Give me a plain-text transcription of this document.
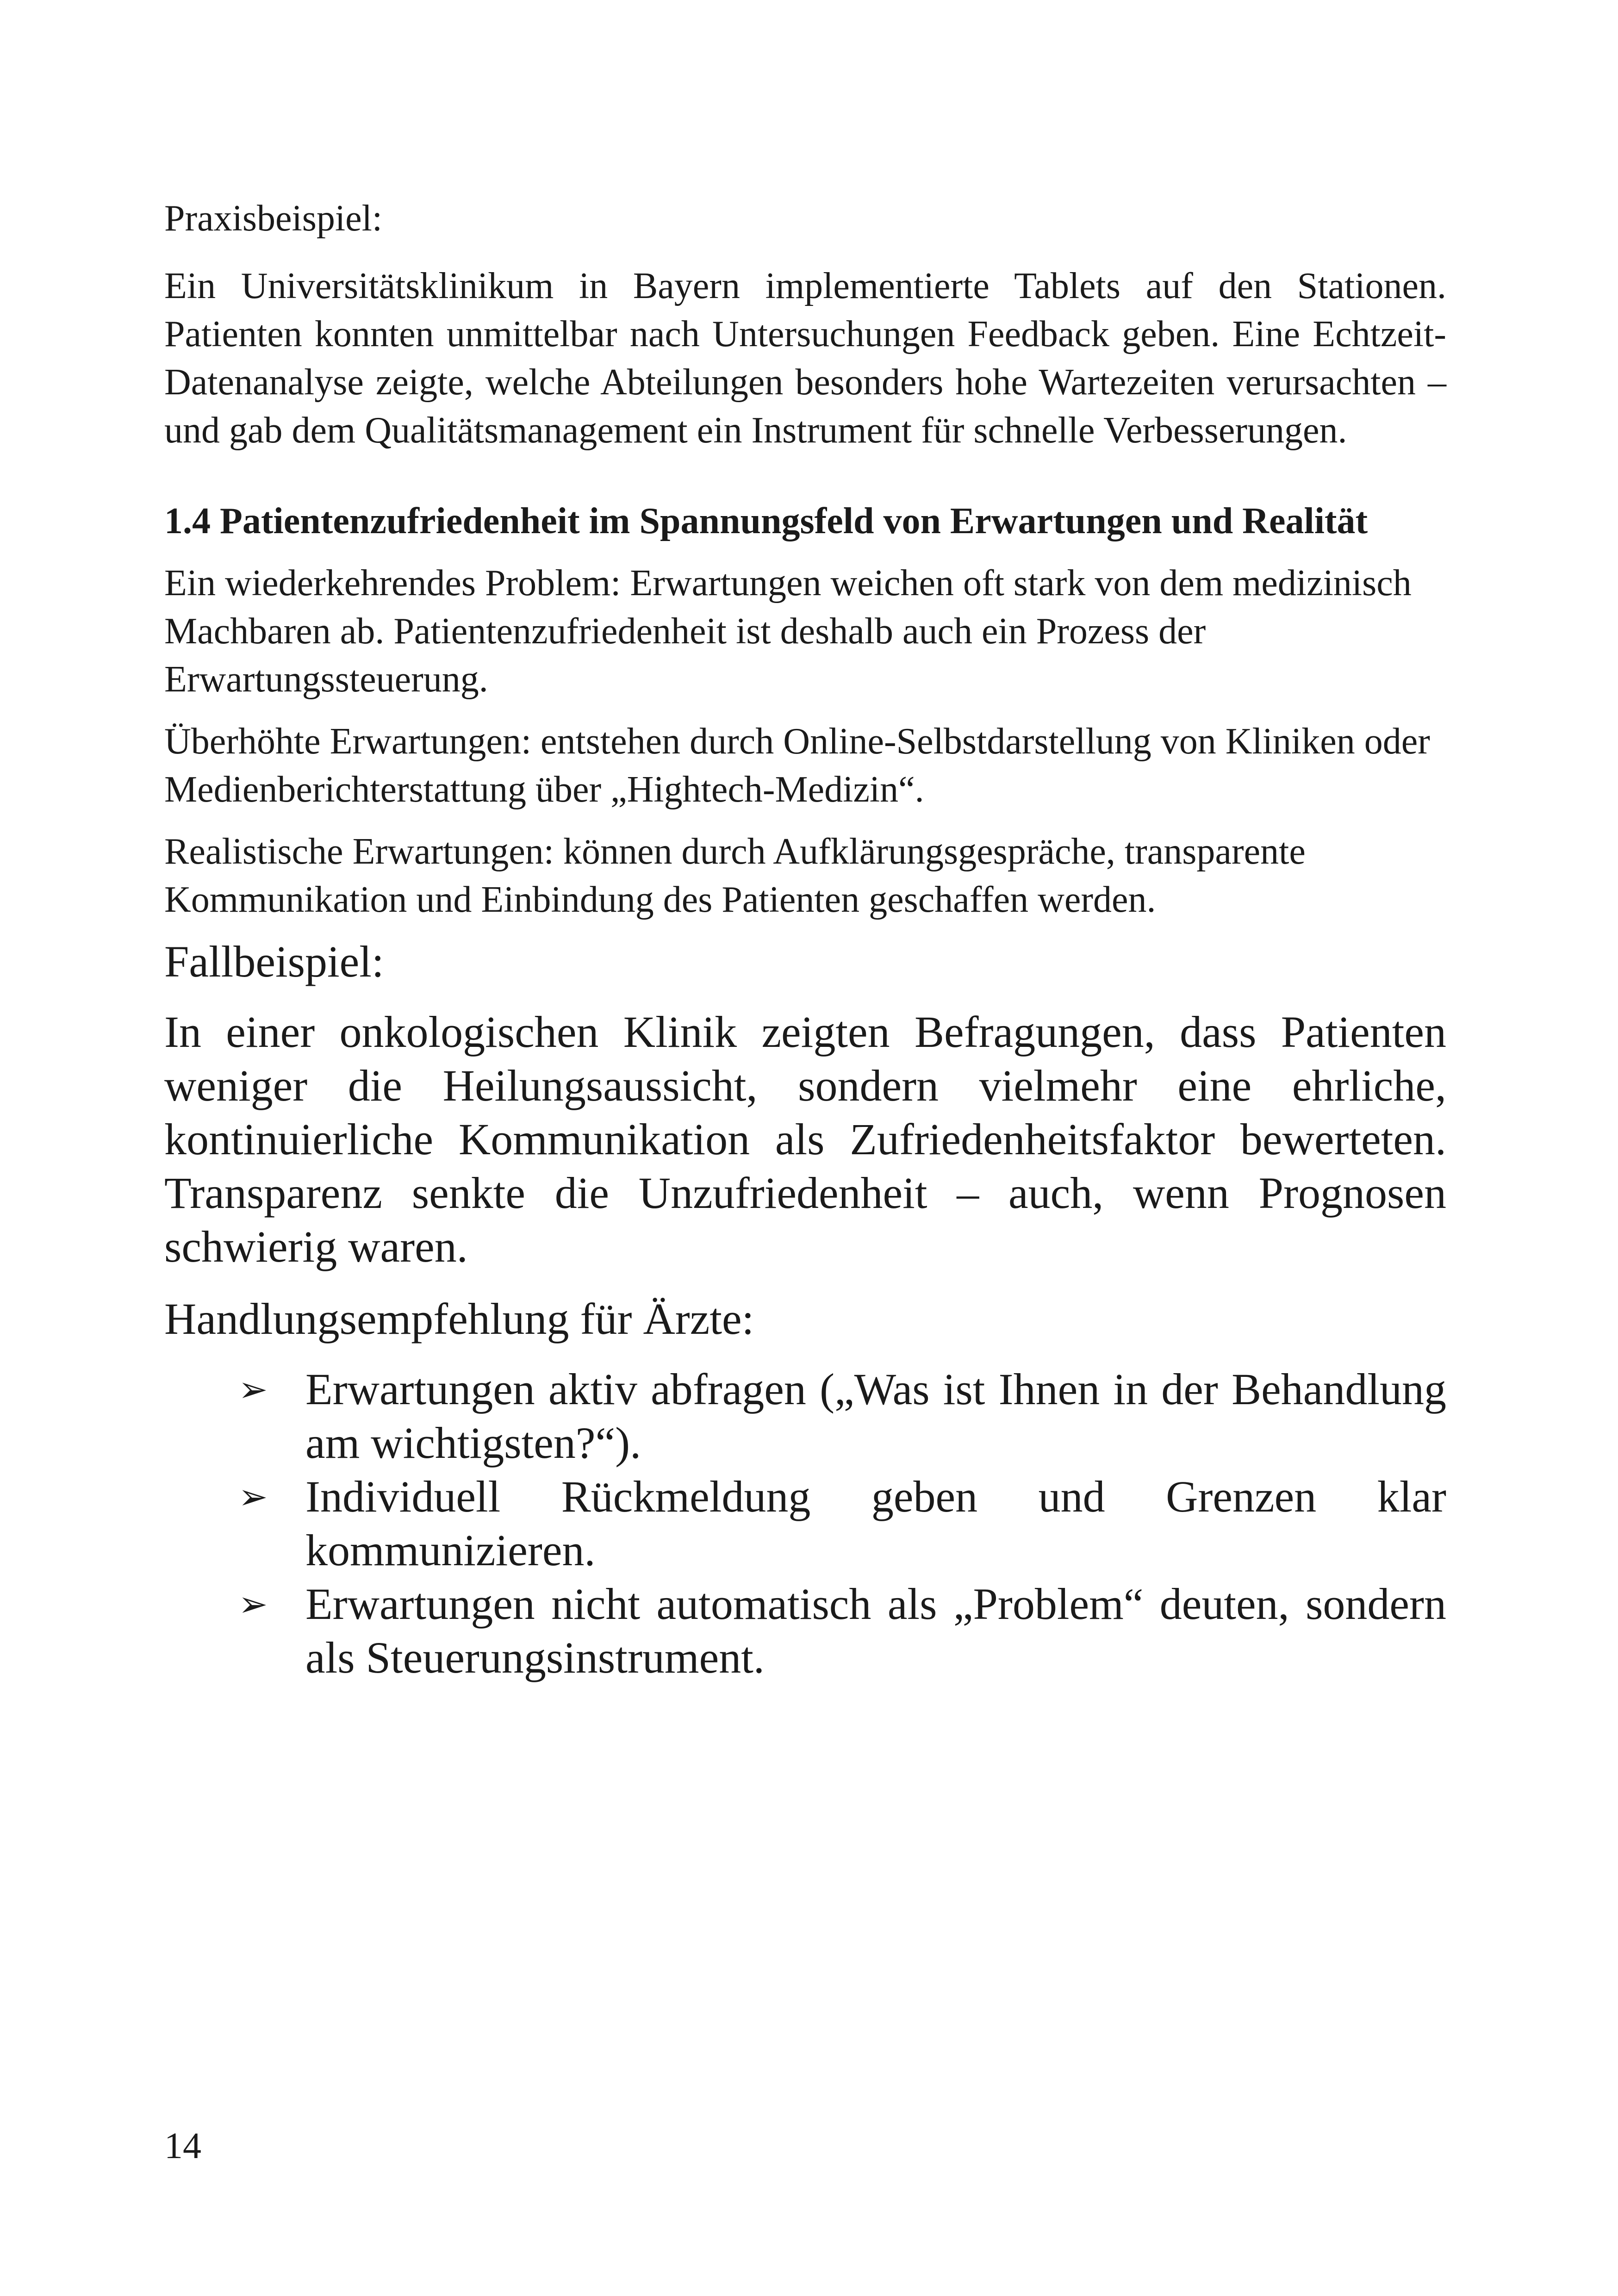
Praxisbeispiel:

Ein Universitätsklinikum in Bayern implementierte Tablets auf den Stationen. Patienten konnten unmittelbar nach Untersuchungen Feedback geben. Eine Echtzeit-Datenanalyse zeigte, welche Abteilungen besonders hohe Wartezeiten verursachten – und gab dem Qualitätsmanagement ein Instrument für schnelle Verbesserungen.

1.4 Patientenzufriedenheit im Spannungsfeld von Erwartungen und Realität

Ein wiederkehrendes Problem: Erwartungen weichen oft stark von dem medizinisch Machbaren ab. Patientenzufriedenheit ist deshalb auch ein Prozess der Erwartungssteuerung.

Überhöhte Erwartungen: entstehen durch Online-Selbstdarstellung von Kliniken oder Medienberichterstattung über „Hightech-Medizin“.

Realistische Erwartungen: können durch Aufklärungsgespräche, transparente Kommunikation und Einbindung des Patienten geschaffen werden.

Fallbeispiel:

In einer onkologischen Klinik zeigten Befragungen, dass Patienten weniger die Heilungsaussicht, sondern vielmehr eine ehrliche, kontinuierliche Kommunikation als Zufriedenheitsfaktor bewerteten. Transparenz senkte die Unzufriedenheit – auch, wenn Prognosen schwierig waren.

Handlungsempfehlung für Ärzte:

➢ Erwartungen aktiv abfragen („Was ist Ihnen in der Behandlung am wichtigsten?“).
➢ Individuell Rückmeldung geben und Grenzen klar kommunizieren.
➢ Erwartungen nicht automatisch als „Problem“ deuten, sondern als Steuerungsinstrument.
14
